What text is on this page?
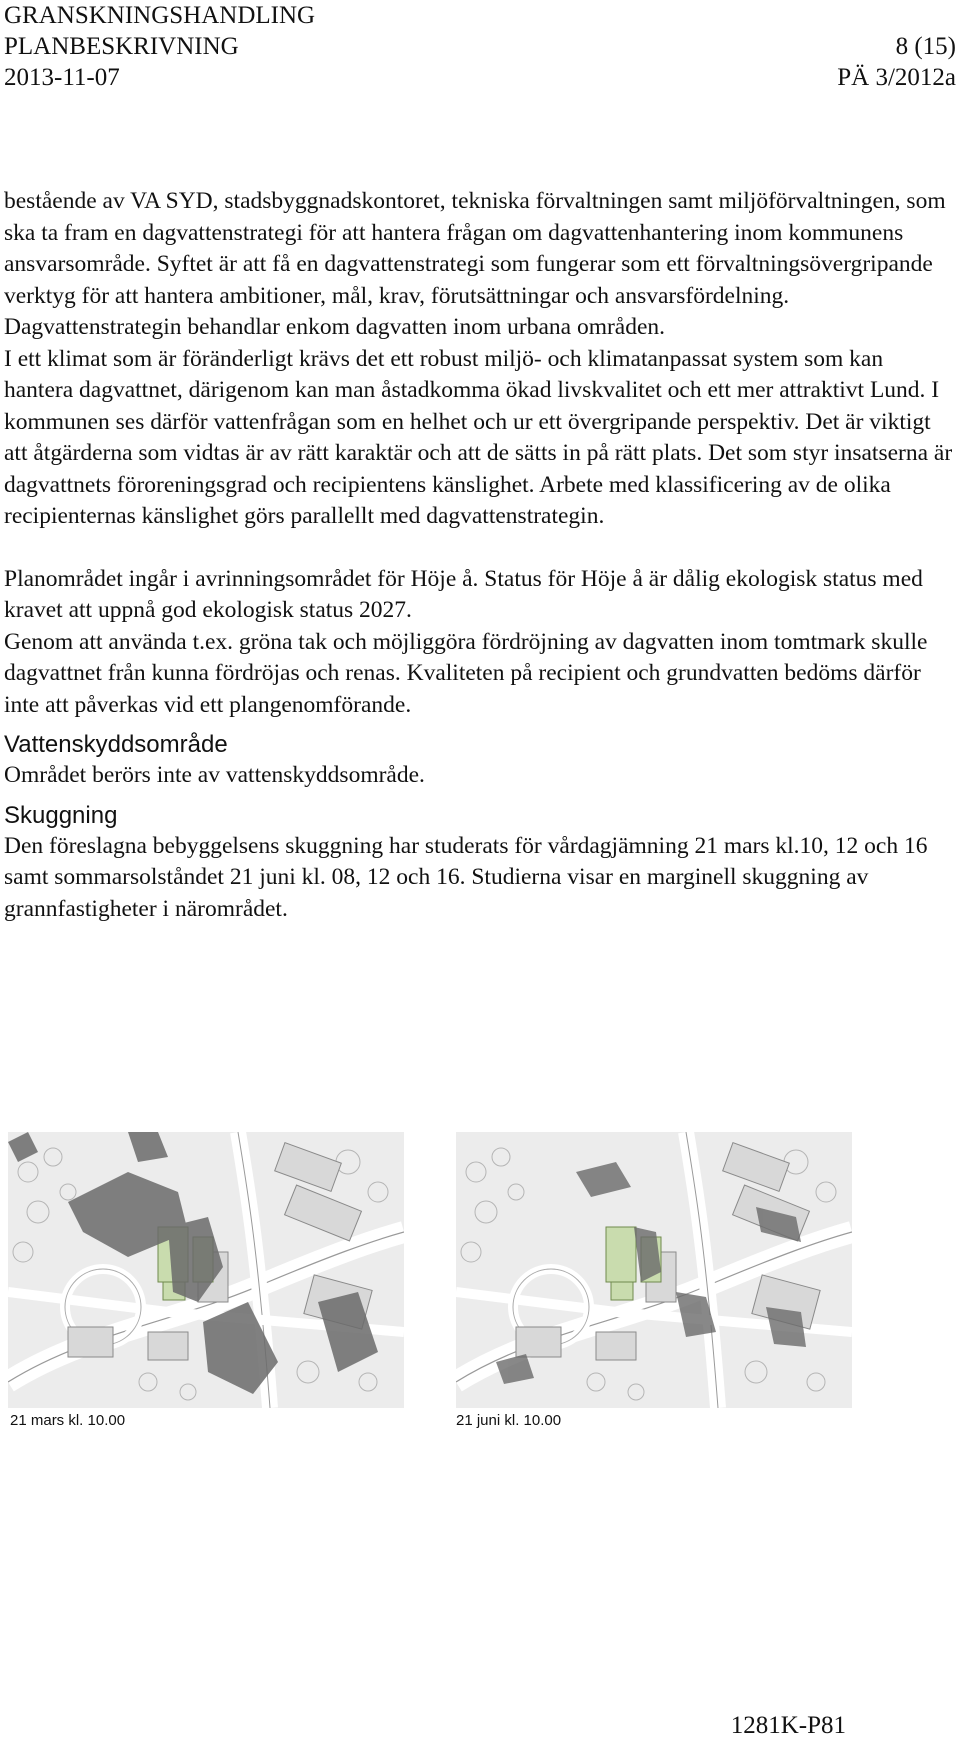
GRANSKNINGSHANDLING
PLANBESKRIVNING	8 (15)
2013-11-07	PÄ 3/2012a

bestående av VA SYD, stadsbyggnadskontoret, tekniska förvaltningen samt miljöförvaltningen, som ska ta fram en dagvattenstrategi för att hantera frågan om dagvattenhantering inom kommunens ansvarsområde. Syftet är att få en dagvattenstrategi som fungerar som ett förvaltningsövergripande verktyg för att hantera ambitioner, mål, krav, förutsättningar och ansvarsfördelning. Dagvattenstrategin behandlar enkom dagvatten inom urbana områden.

I ett klimat som är föränderligt krävs det ett robust miljö- och klimatanpassat system som kan hantera dagvattnet, därigenom kan man åstadkomma ökad livskvalitet och ett mer attraktivt Lund. I kommunen ses därför vattenfrågan som en helhet och ur ett övergripande perspektiv. Det är viktigt att åtgärderna som vidtas är av rätt karaktär och att de sätts in på rätt plats. Det som styr insatserna är dagvattnets föroreningsgrad och recipientens känslighet. Arbete med klassificering av de olika recipienternas känslighet görs parallellt med dagvattenstrategin.

Planområdet ingår i avrinningsområdet för Höje å. Status för Höje å är dålig ekologisk status med kravet att uppnå god ekologisk status 2027.

Genom att använda t.ex. gröna tak och möjliggöra fördröjning av dagvatten inom tomtmark skulle dagvattnet från kunna fördröjas och renas. Kvaliteten på recipient och grundvatten bedöms därför inte att påverkas vid ett plangenomförande.

Vattenskyddsområde

Området berörs inte av vattenskyddsområde.

Skuggning

Den föreslagna bebyggelsens skuggning har studerats för vårdagjämning 21 mars kl.10, 12 och 16 samt sommarsolståndet 21 juni kl. 08, 12 och 16. Studierna visar en marginell skuggning av grannfastigheter i närområdet.

21 mars kl. 10.00	21 juni kl. 10.00
1281K-P81
